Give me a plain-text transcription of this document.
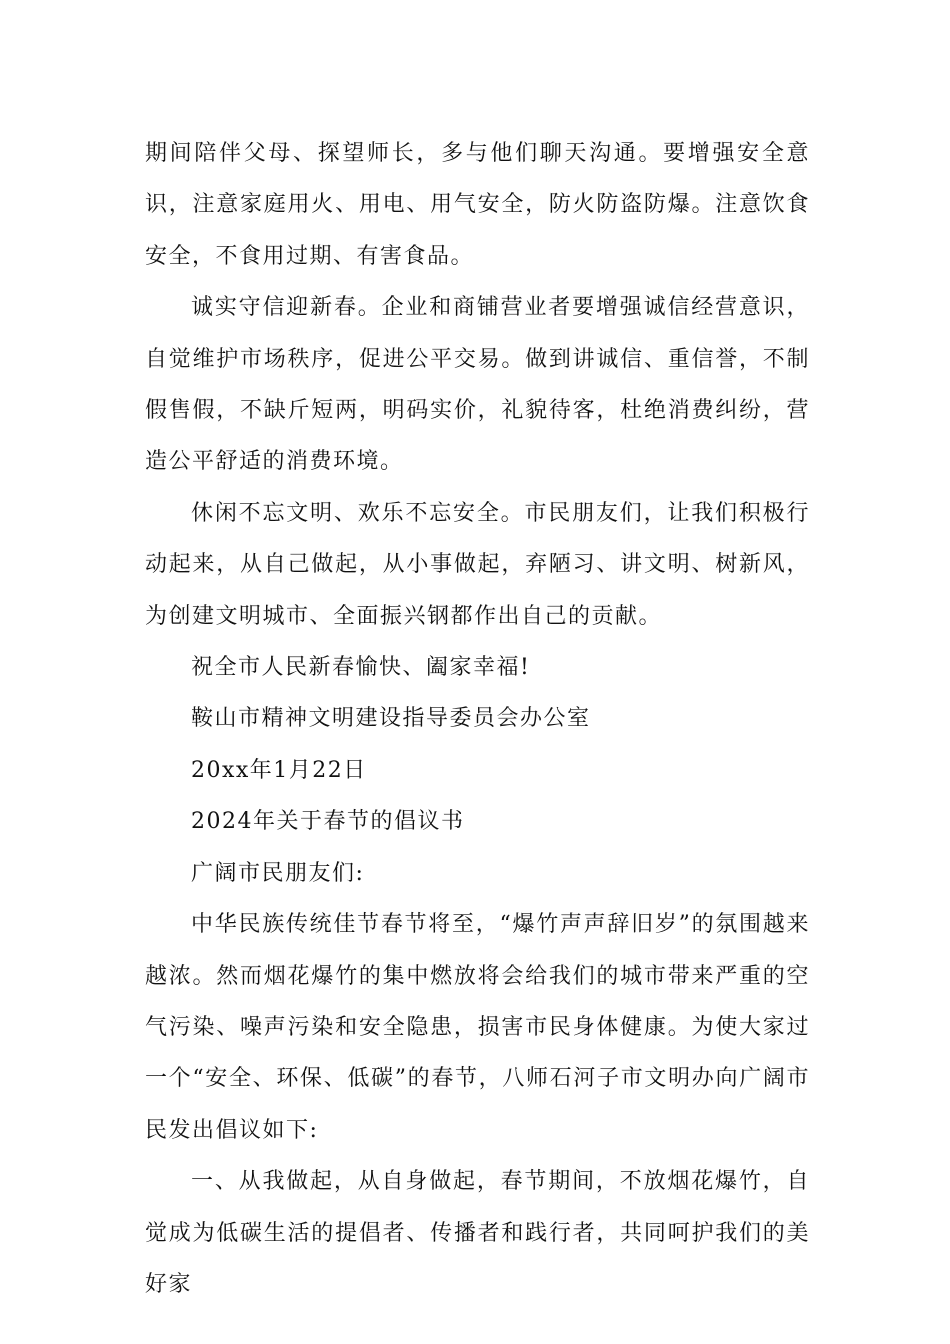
期间陪伴父母、探望师长，多与他们聊天沟通。要增强安全意识，注意家庭用火、用电、用气安全，防火防盗防爆。注意饮食安全，不食用过期、有害食品。

诚实守信迎新春。企业和商铺营业者要增强诚信经营意识，自觉维护市场秩序，促进公平交易。做到讲诚信、重信誉，不制假售假，不缺斤短两，明码实价，礼貌待客，杜绝消费纠纷，营造公平舒适的消费环境。

休闲不忘文明、欢乐不忘安全。市民朋友们，让我们积极行动起来，从自己做起，从小事做起，弃陋习、讲文明、树新风，为创建文明城市、全面振兴钢都作出自己的贡献。

祝全市人民新春愉快、阖家幸福!

鞍山市精神文明建设指导委员会办公室

20xx年1月22日

2024年关于春节的倡议书

广阔市民朋友们:

中华民族传统佳节春节将至，“爆竹声声辞旧岁”的氛围越来越浓。然而烟花爆竹的集中燃放将会给我们的城市带来严重的空气污染、噪声污染和安全隐患，损害市民身体健康。为使大家过一个“安全、环保、低碳”的春节，八师石河子市文明办向广阔市民发出倡议如下:

一、从我做起，从自身做起，春节期间，不放烟花爆竹，自觉成为低碳生活的提倡者、传播者和践行者，共同呵护我们的美好家
